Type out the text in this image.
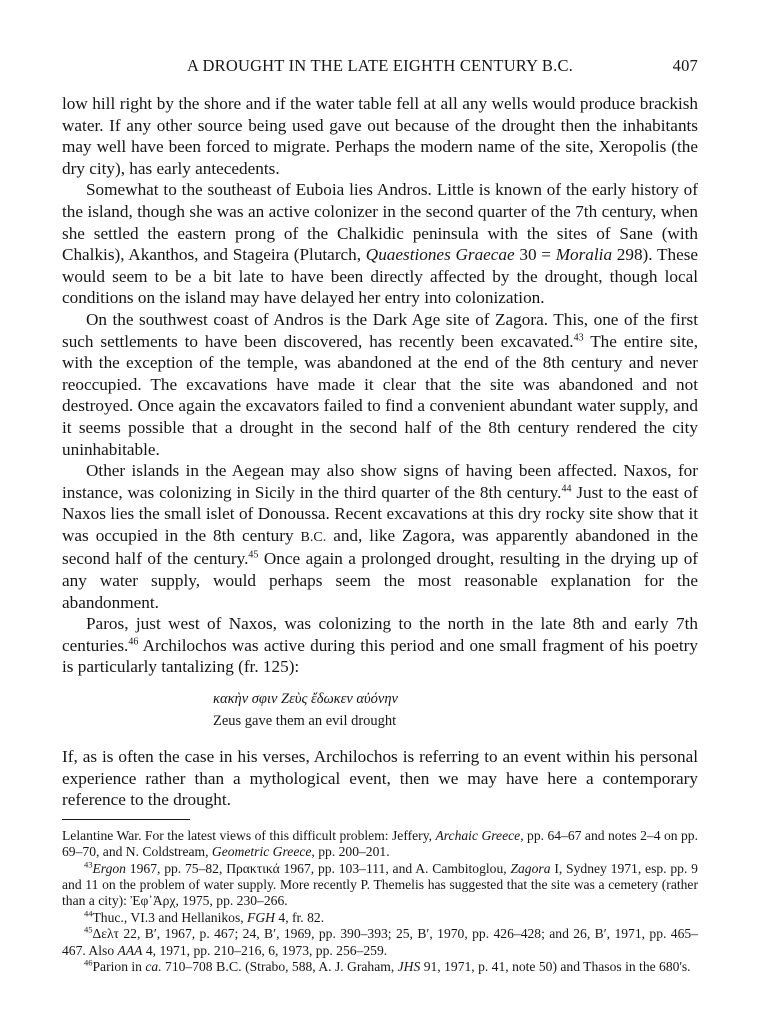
A DROUGHT IN THE LATE EIGHTH CENTURY B.C.	407

low hill right by the shore and if the water table fell at all any wells would produce brackish water. If any other source being used gave out because of the drought then the inhabitants may well have been forced to migrate. Perhaps the modern name of the site, Xeropolis (the dry city), has early antecedents.

Somewhat to the southeast of Euboia lies Andros. Little is known of the early history of the island, though she was an active colonizer in the second quarter of the 7th century, when she settled the eastern prong of the Chalkidic peninsula with the sites of Sane (with Chalkis), Akanthos, and Stageira (Plutarch, Quaestiones Graecae 30 = Moralia 298). These would seem to be a bit late to have been directly affected by the drought, though local conditions on the island may have delayed her entry into colonization.

On the southwest coast of Andros is the Dark Age site of Zagora. This, one of the first such settlements to have been discovered, has recently been excavated.$^{43}$ The entire site, with the exception of the temple, was abandoned at the end of the 8th century and never reoccupied. The excavations have made it clear that the site was abandoned and not destroyed. Once again the excavators failed to find a convenient abundant water supply, and it seems possible that a drought in the second half of the 8th century rendered the city uninhabitable.

Other islands in the Aegean may also show signs of having been affected. Naxos, for instance, was colonizing in Sicily in the third quarter of the 8th century.$^{44}$ Just to the east of Naxos lies the small islet of Donoussa. Recent excavations at this dry rocky site show that it was occupied in the 8th century B.C. and, like Zagora, was apparently abandoned in the second half of the century.$^{45}$ Once again a prolonged drought, resulting in the drying up of any water supply, would perhaps seem the most reasonable explanation for the abandonment.

Paros, just west of Naxos, was colonizing to the north in the late 8th and early 7th centuries.$^{46}$ Archilochos was active during this period and one small fragment of his poetry is particularly tantalizing (fr. 125):

κακὴν σφιν Ζεὺς ἔδωκεν αὐόνην
Zeus gave them an evil drought

If, as is often the case in his verses, Archilochos is referring to an event within his personal experience rather than a mythological event, then we may have here a contemporary reference to the drought.

Lelantine War. For the latest views of this difficult problem: Jeffery, Archaic Greece, pp. 64–67 and notes 2–4 on pp. 69–70, and N. Coldstream, Geometric Greece, pp. 200–201.

$^{43}$Ergon 1967, pp. 75–82, Πρακτικά 1967, pp. 103–111, and A. Cambitoglou, Zagora I, Sydney 1971, esp. pp. 9 and 11 on the problem of water supply. More recently P. Themelis has suggested that the site was a cemetery (rather than a city): Ἐφ᾽Ἀρχ, 1975, pp. 230–266.

$^{44}$Thuc., VI.3 and Hellanikos, FGH 4, fr. 82.

$^{45}$Δελτ 22, B′, 1967, p. 467; 24, B′, 1969, pp. 390–393; 25, B′, 1970, pp. 426–428; and 26, B′, 1971, pp. 465–467. Also AAA 4, 1971, pp. 210–216, 6, 1973, pp. 256–259.

$^{46}$Parion in ca. 710–708 B.C. (Strabo, 588, A. J. Graham, JHS 91, 1971, p. 41, note 50) and Thasos in the 680's.
